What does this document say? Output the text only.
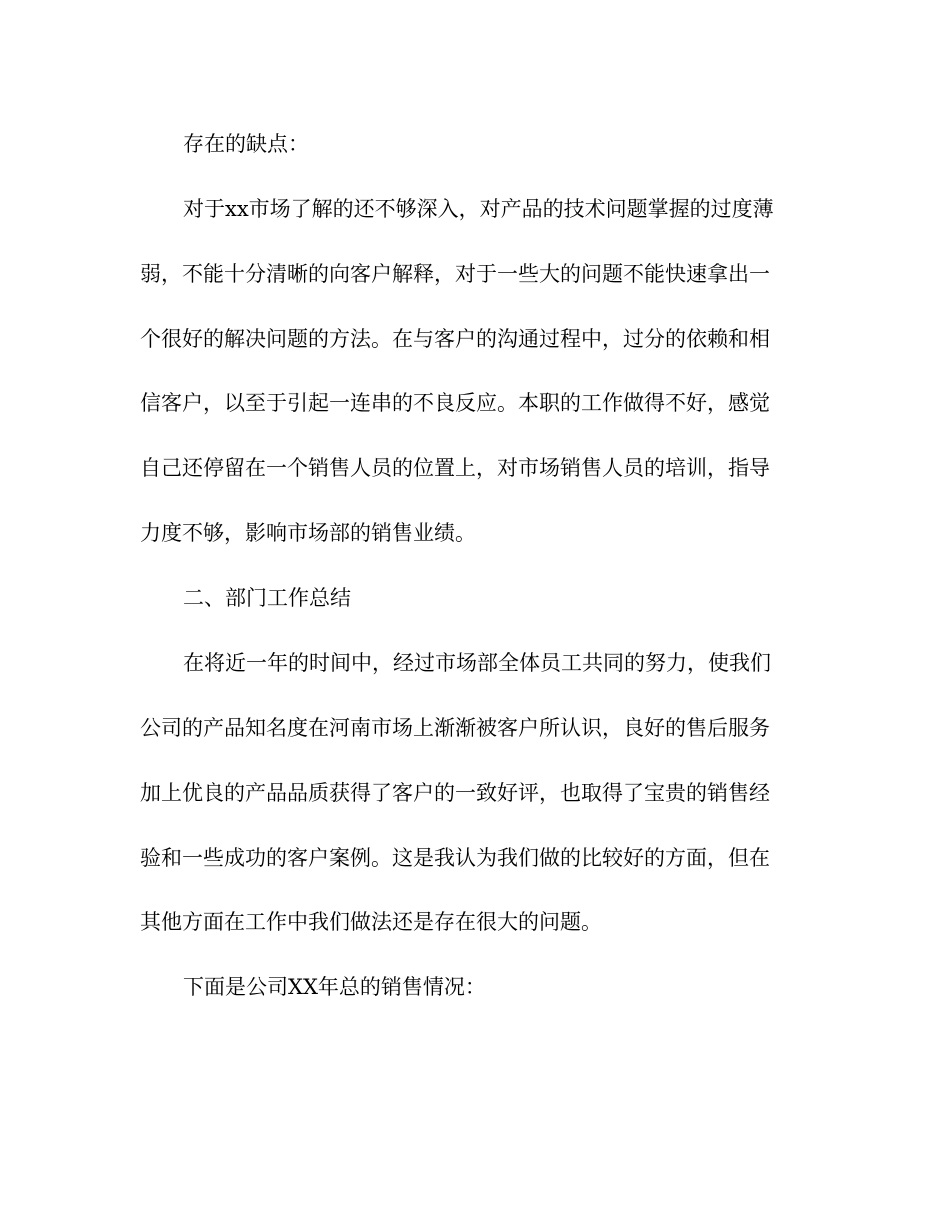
存在的缺点：

对于xx市场了解的还不够深入，对产品的技术问题掌握的过度薄

弱，不能十分清晰的向客户解释，对于一些大的问题不能快速拿出一

个很好的解决问题的方法。在与客户的沟通过程中，过分的依赖和相

信客户，以至于引起一连串的不良反应。本职的工作做得不好，感觉

自己还停留在一个销售人员的位置上，对市场销售人员的培训，指导

力度不够，影响市场部的销售业绩。

二、部门工作总结

在将近一年的时间中，经过市场部全体员工共同的努力，使我们

公司的产品知名度在河南市场上渐渐被客户所认识，良好的售后服务

加上优良的产品品质获得了客户的一致好评，也取得了宝贵的销售经

验和一些成功的客户案例。这是我认为我们做的比较好的方面，但在

其他方面在工作中我们做法还是存在很大的问题。

下面是公司XX年总的销售情况：
